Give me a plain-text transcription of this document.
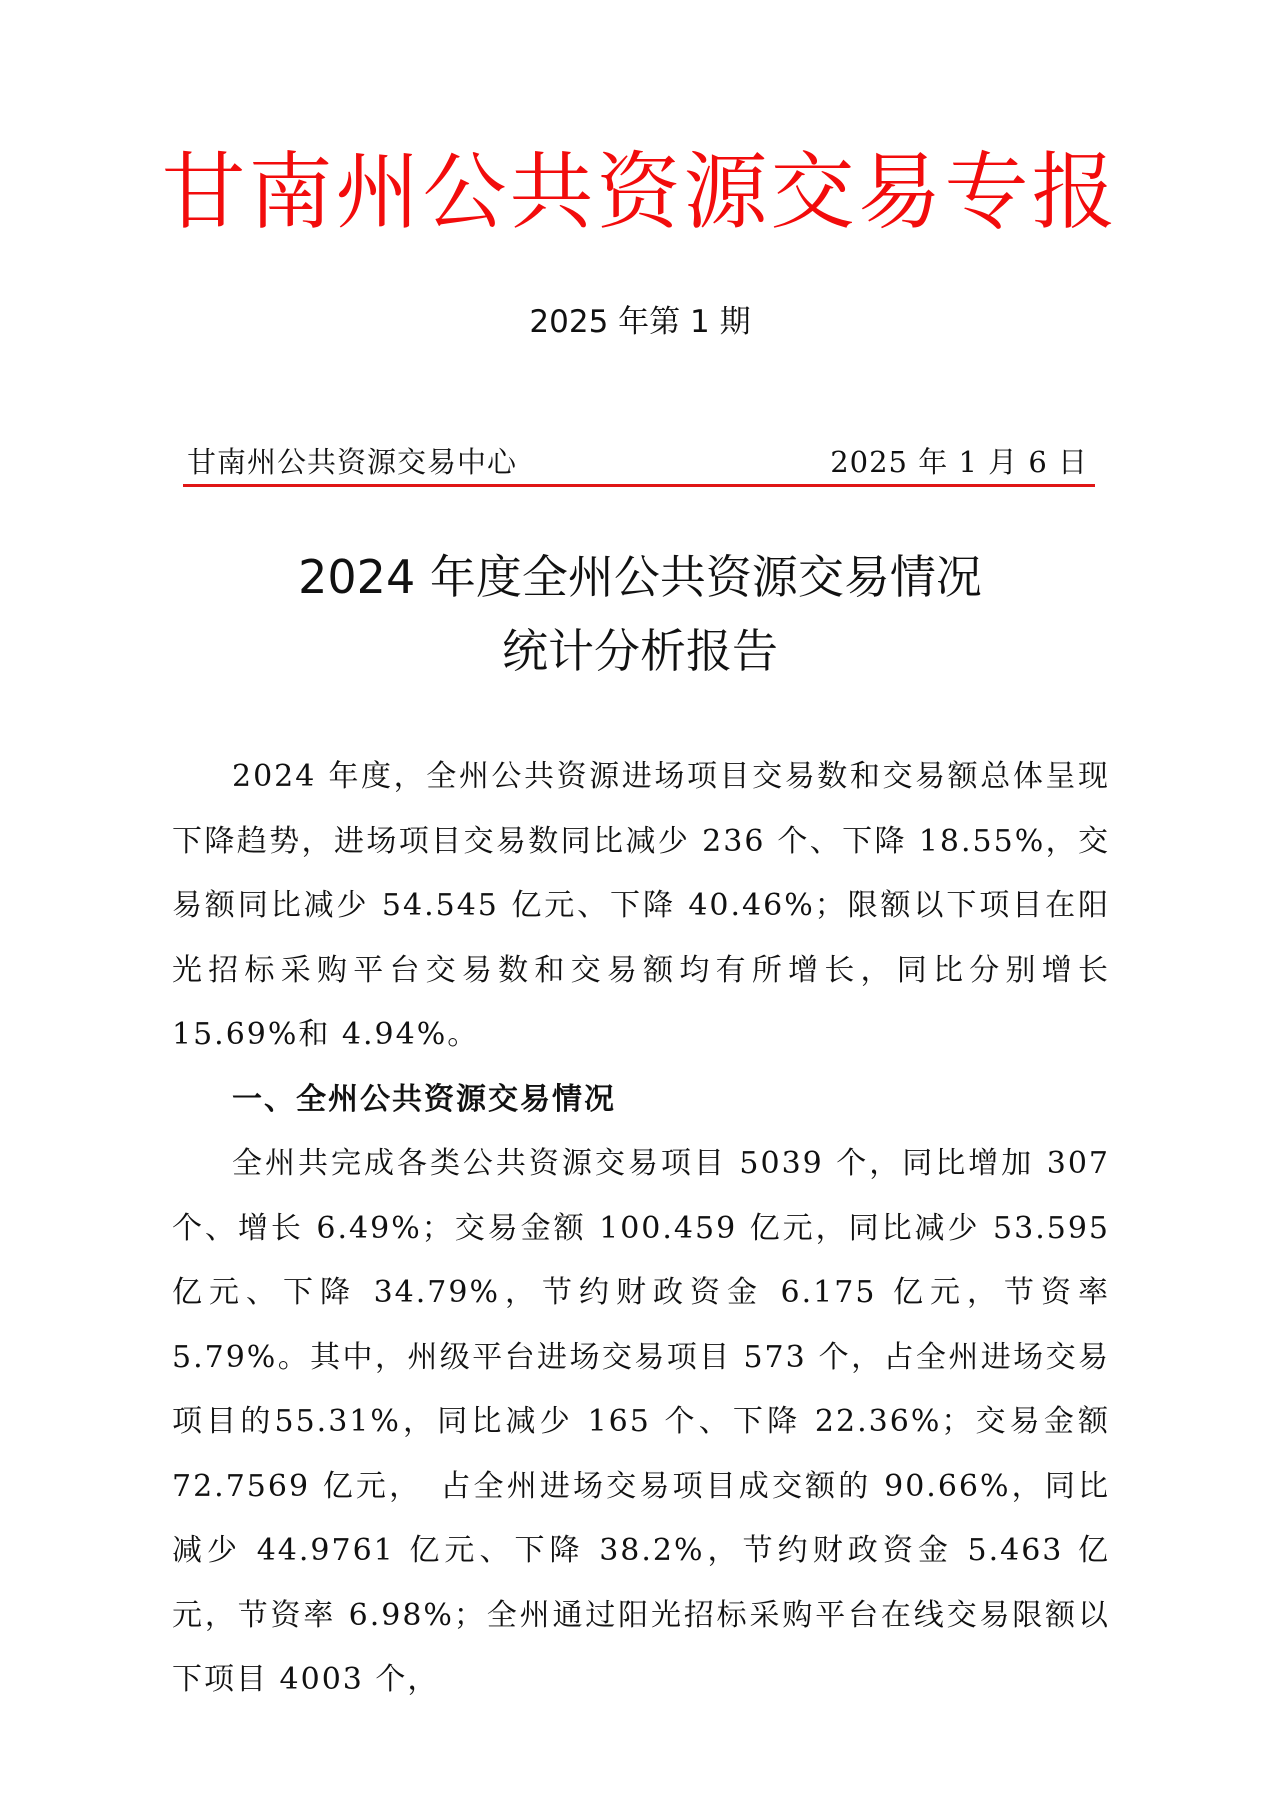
甘南州公共资源交易专报
2025 年第 1 期
甘南州公共资源交易中心	2025 年 1 月 6 日
2024 年度全州公共资源交易情况
统计分析报告

2024 年度，全州公共资源进场项目交易数和交易额总体呈现下降趋势，进场项目交易数同比减少 236 个、下降 18.55%，交易额同比减少 54.545 亿元、下降 40.46%；限额以下项目在阳光招标采购平台交易数和交易额均有所增长，同比分别增长15.69%和 4.94%。

一、全州公共资源交易情况

全州共完成各类公共资源交易项目 5039 个，同比增加 307 个、增长 6.49%；交易金额 100.459 亿元，同比减少 53.595 亿元、下降 34.79%，节约财政资金 6.175 亿元，节资率 5.79%。其中，州级平台进场交易项目 573 个，占全州进场交易项目的55.31%，同比减少 165 个、下降 22.36%；交易金额 72.7569 亿元，　占全州进场交易项目成交额的 90.66%，同比减少 44.9761 亿元、下降 38.2%，节约财政资金 5.463 亿元，节资率 6.98%；全州通过阳光招标采购平台在线交易限额以下项目 4003 个，
